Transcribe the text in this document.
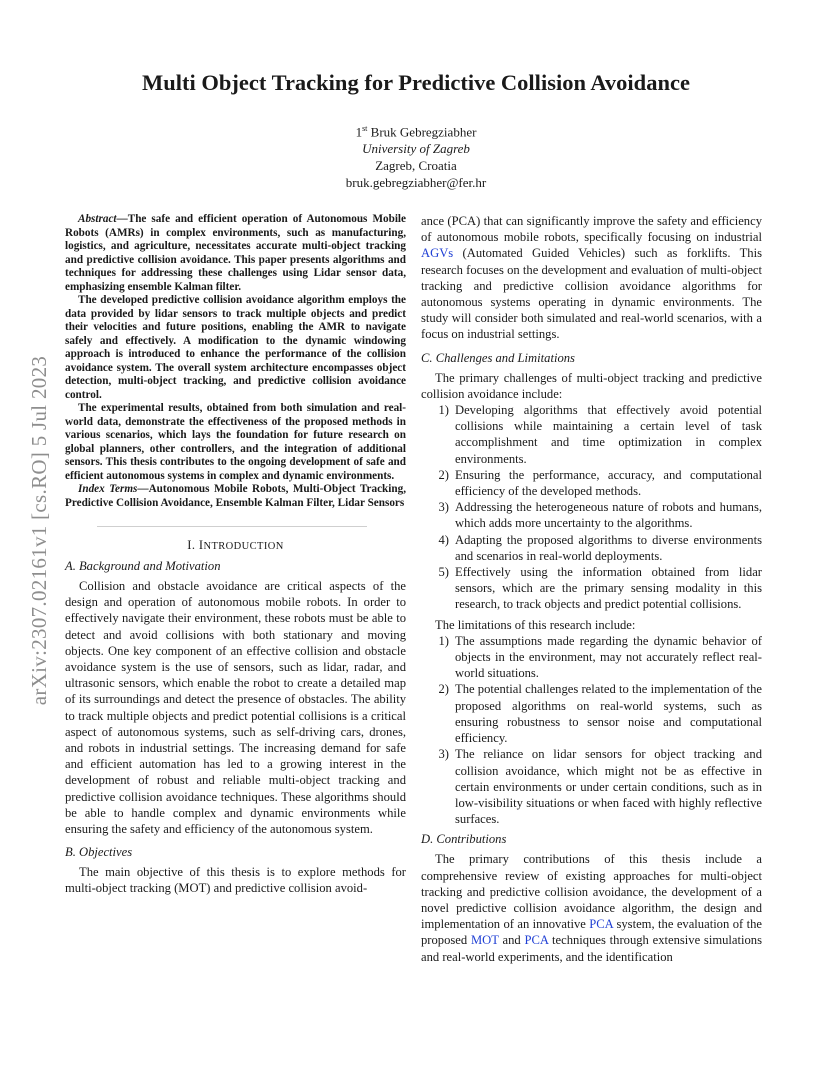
arXiv:2307.02161v1 [cs.RO] 5 Jul 2023
Multi Object Tracking for Predictive Collision Avoidance
1st Bruk Gebregziabher
University of Zagreb
Zagreb, Croatia
bruk.gebregziabher@fer.hr

Abstract—The safe and efficient operation of Autonomous Mobile Robots (AMRs) in complex environments, such as manufacturing, logistics, and agriculture, necessitates accurate multi-object tracking and predictive collision avoidance. This paper presents algorithms and techniques for addressing these challenges using Lidar sensor data, emphasizing ensemble Kalman filter.

The developed predictive collision avoidance algorithm employs the data provided by lidar sensors to track multiple objects and predict their velocities and future positions, enabling the AMR to navigate safely and effectively. A modification to the dynamic windowing approach is introduced to enhance the performance of the collision avoidance system. The overall system architecture encompasses object detection, multi-object tracking, and predictive collision avoidance control.

The experimental results, obtained from both simulation and real-world data, demonstrate the effectiveness of the proposed methods in various scenarios, which lays the foundation for future research on global planners, other controllers, and the integration of additional sensors. This thesis contributes to the ongoing development of safe and efficient autonomous systems in complex and dynamic environments.

Index Terms—Autonomous Mobile Robots, Multi-Object Tracking, Predictive Collision Avoidance, Ensemble Kalman Filter, Lidar Sensors

I. INTRODUCTION
A. Background and Motivation

Collision and obstacle avoidance are critical aspects of the design and operation of autonomous mobile robots. In order to effectively navigate their environment, these robots must be able to detect and avoid collisions with both stationary and moving objects. One key component of an effective collision and obstacle avoidance system is the use of sensors, such as lidar, radar, and ultrasonic sensors, which enable the robot to create a detailed map of its surroundings and detect the presence of obstacles. The ability to track multiple objects and predict potential collisions is a critical aspect of autonomous systems, such as self-driving cars, drones, and robots in industrial settings. The increasing demand for safe and efficient automation has led to a growing interest in the development of robust and reliable multi-object tracking and predictive collision avoidance techniques. These algorithms should be able to handle complex and dynamic environments while ensuring the safety and efficiency of the autonomous system.

B. Objectives

The main objective of this thesis is to explore methods for multi-object tracking (MOT) and predictive collision avoid-

ance (PCA) that can significantly improve the safety and efficiency of autonomous mobile robots, specifically focusing on industrial AGVs (Automated Guided Vehicles) such as forklifts. This research focuses on the development and evaluation of multi-object tracking and predictive collision avoidance algorithms for autonomous systems operating in dynamic environments. The study will consider both simulated and real-world scenarios, with a focus on industrial settings.

C. Challenges and Limitations

The primary challenges of multi-object tracking and predictive collision avoidance include:

1) Developing algorithms that effectively avoid potential collisions while maintaining a certain level of task accomplishment and time optimization in complex environments.
2) Ensuring the performance, accuracy, and computational efficiency of the developed methods.
3) Addressing the heterogeneous nature of robots and humans, which adds more uncertainty to the algorithms.
4) Adapting the proposed algorithms to diverse environments and scenarios in real-world deployments.
5) Effectively using the information obtained from lidar sensors, which are the primary sensing modality in this research, to track objects and predict potential collisions.

The limitations of this research include:

1) The assumptions made regarding the dynamic behavior of objects in the environment, may not accurately reflect real-world situations.
2) The potential challenges related to the implementation of the proposed algorithms on real-world systems, such as ensuring robustness to sensor noise and computational efficiency.
3) The reliance on lidar sensors for object tracking and collision avoidance, which might not be as effective in certain environments or under certain conditions, such as in low-visibility situations or when faced with highly reflective surfaces.
D. Contributions

The primary contributions of this thesis include a comprehensive review of existing approaches for multi-object tracking and predictive collision avoidance, the development of a novel predictive collision avoidance algorithm, the design and implementation of an innovative PCA system, the evaluation of the proposed MOT and PCA techniques through extensive simulations and real-world experiments, and the identification
